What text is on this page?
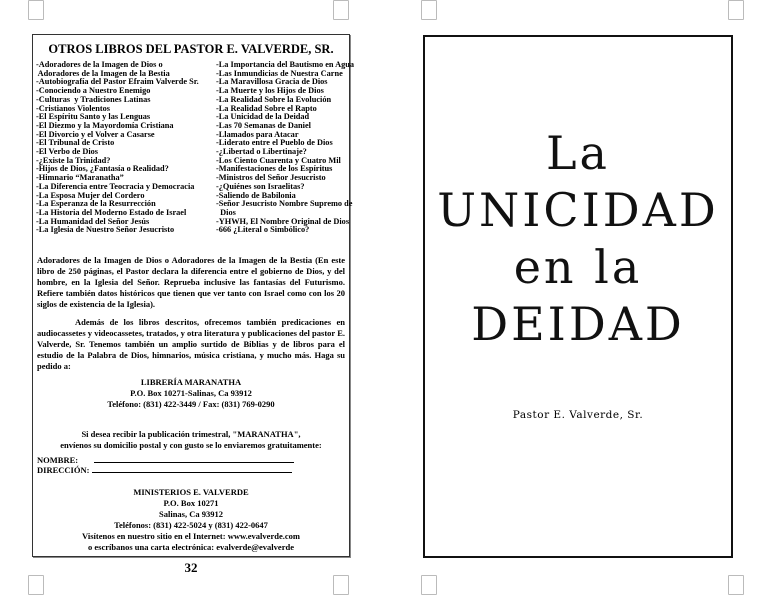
OTROS LIBROS DEL PASTOR E. VALVERDE, SR.
-Adoradores de la Imagen de Dios o
Adoradores de la Imagen de la Bestia
-Autobiografía del Pastor Efraim Valverde Sr.
-Conociendo a Nuestro Enemigo
-Culturas  y Tradiciones Latinas
-Cristianos Violentos
-El Espíritu Santo y las Lenguas
-El Diezmo y la Mayordomía Cristiana
-El Divorcio y el Volver a Casarse
-El Tribunal de Cristo
-El Verbo de Dios
-¿Existe la Trinidad?
-Hijos de Dios, ¿Fantasía o Realidad?
-Himnario “Maranatha”
-La Diferencia entre Teocracia y Democracia
-La Esposa Mujer del Cordero
-La Esperanza de la Resurrección
-La Historia del Moderno Estado de Israel
-La Humanidad del Señor Jesús
-La Iglesia de Nuestro Señor Jesucristo
-La Importancia del Bautismo en Agua
-Las Inmundicias de Nuestra Carne
-La Maravillosa Gracia de Dios
-La Muerte y los Hijos de Dios
-La Realidad Sobre la Evolución
-La Realidad Sobre el Rapto
-La Unicidad de la Deidad
-Las 70 Semanas de Daniel
-Llamados para Atacar
-Liderato entre el Pueblo de Dios
-¿Libertad o Libertinaje?
-Los Ciento Cuarenta y Cuatro Mil
-Manifestaciones de los Espíritus
-Ministros del Señor Jesucristo
-¿Quiénes son Israelitas?
-Saliendo de Babilonia
-Señor Jesucristo Nombre Supremo de
Dios
-YHWH, El Nombre Original de Dios
-666 ¿Literal o Simbólico?
Adoradores de la Imagen de Dios o Adoradores de la Imagen de la Bestia (En este libro de 250 páginas, el Pastor declara la diferencia entre el gobierno de Dios, y del hombre, en la Iglesia del Señor. Reprueba inclusive las fantasías del Futurismo. Refiere también datos históricos que tienen que ver tanto con Israel como con los 20 siglos de existencia de la Iglesia).
Además de los libros descritos, ofrecemos también predicaciones en audiocassetes y videocassetes, tratados, y otra literatura y publicaciones del pastor E. Valverde, Sr. Tenemos también un amplio surtido de Biblias y de libros para el estudio de la Palabra de Dios, himnarios, música cristiana, y mucho más. Haga su pedido a:
LIBRERÍA MARANATHA
P.O. Box 10271-Salinas, Ca 93912
Teléfono: (831) 422-3449 / Fax: (831) 769-0290
Si desea recibir la publicación trimestral, "MARANATHA",
envíenos su domicilio postal y con gusto se lo enviaremos gratuitamente:
NOMBRE:
DIRECCIÓN:
MINISTERIOS E. VALVERDE
P.O. Box 10271
Salinas, Ca 93912
Teléfonos: (831) 422-5024 y (831) 422-0647
Visítenos en nuestro sitio en el Internet: www.evalverde.com
o escríbanos una carta electrónica: evalverde@evalverde
32
La
UNICIDAD
en la
DEIDAD
Pastor E. Valverde, Sr.
